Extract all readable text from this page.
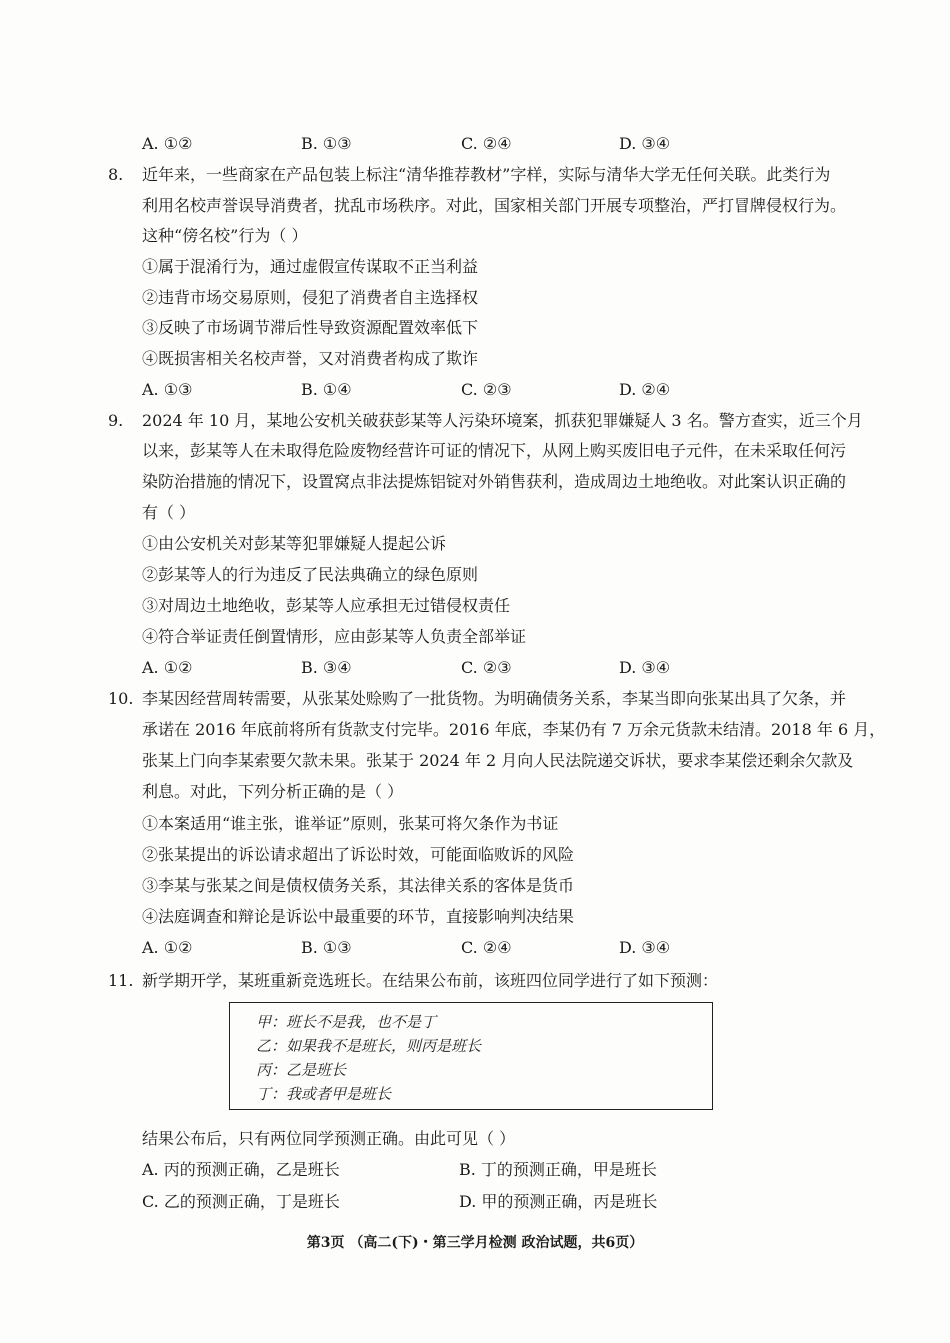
A. ①②	B. ①③	C. ②④	D. ③④
8. 近年来，一些商家在产品包装上标注“清华推荐教材”字样，实际与清华大学无任何关联。此类行为
利用名校声誉误导消费者，扰乱市场秩序。对此，国家相关部门开展专项整治，严打冒牌侵权行为。
这种“傍名校”行为（ ）
①属于混淆行为，通过虚假宣传谋取不正当利益
②违背市场交易原则，侵犯了消费者自主选择权
③反映了市场调节滞后性导致资源配置效率低下
④既损害相关名校声誉，又对消费者构成了欺诈
A. ①③	B. ①④	C. ②③	D. ②④
9. 2024 年 10 月，某地公安机关破获彭某等人污染环境案，抓获犯罪嫌疑人 3 名。警方查实，近三个月
以来，彭某等人在未取得危险废物经营许可证的情况下，从网上购买废旧电子元件，在未采取任何污
染防治措施的情况下，设置窝点非法提炼铝锭对外销售获利，造成周边土地绝收。对此案认识正确的
有（ ）
①由公安机关对彭某等犯罪嫌疑人提起公诉
②彭某等人的行为违反了民法典确立的绿色原则
③对周边土地绝收，彭某等人应承担无过错侵权责任
④符合举证责任倒置情形，应由彭某等人负责全部举证
A. ①②	B. ③④	C. ②③	D. ③④
10. 李某因经营周转需要，从张某处赊购了一批货物。为明确债务关系，李某当即向张某出具了欠条，并
承诺在 2016 年底前将所有货款支付完毕。2016 年底，李某仍有 7 万余元货款未结清。2018 年 6 月，
张某上门向李某索要欠款未果。张某于 2024 年 2 月向人民法院递交诉状，要求李某偿还剩余欠款及
利息。对此，下列分析正确的是（ ）
①本案适用“谁主张，谁举证”原则，张某可将欠条作为书证
②张某提出的诉讼请求超出了诉讼时效，可能面临败诉的风险
③李某与张某之间是债权债务关系，其法律关系的客体是货币
④法庭调查和辩论是诉讼中最重要的环节，直接影响判决结果
A. ①②	B. ①③	C. ②④	D. ③④
11. 新学期开学，某班重新竞选班长。在结果公布前，该班四位同学进行了如下预测：
甲：班长不是我，也不是丁
乙：如果我不是班长，则丙是班长
丙：乙是班长
丁：我或者甲是班长
结果公布后，只有两位同学预测正确。由此可见（ ）
A. 丙的预测正确，乙是班长	B. 丁的预测正确，甲是班长
C. 乙的预测正确，丁是班长	D. 甲的预测正确，丙是班长
第3页 （高二(下)・第三学月检测 政治试题，共6页）
